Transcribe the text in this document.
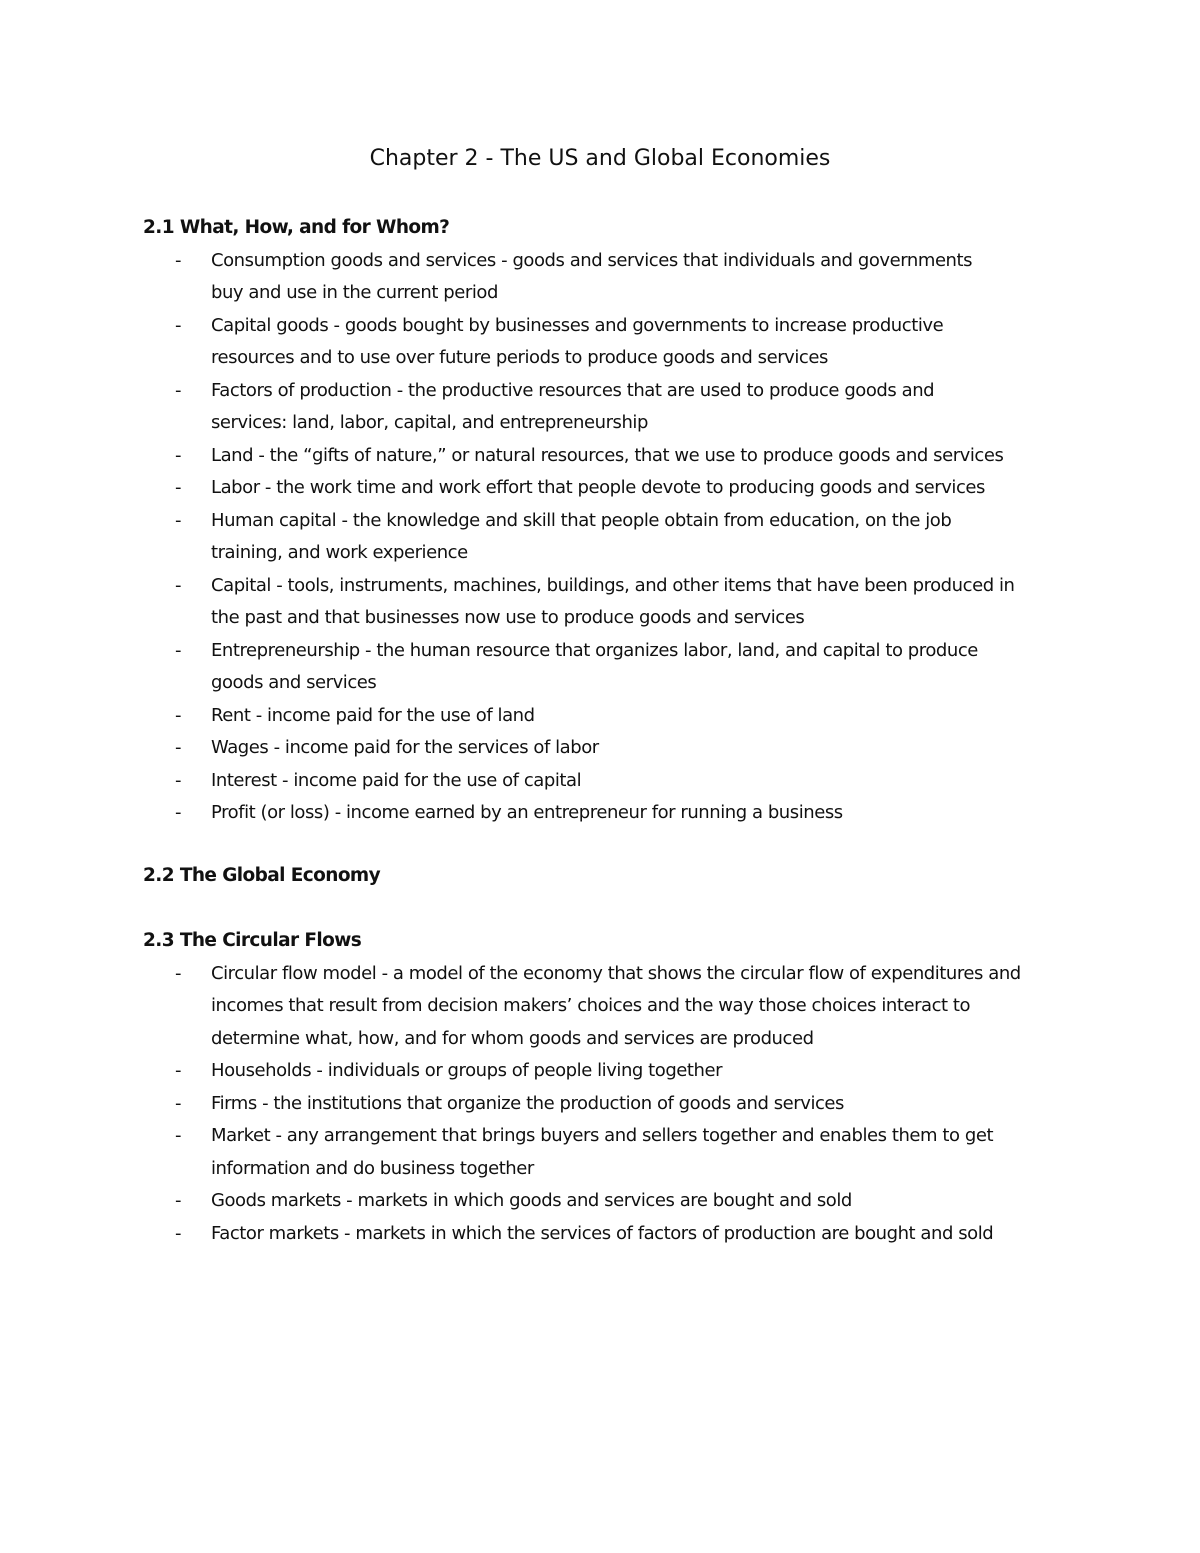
Chapter 2 - The US and Global Economies
2.1 What, How, and for Whom?
- Consumption goods and services - goods and services that individuals and governments
buy and use in the current period
- Capital goods - goods bought by businesses and governments to increase productive
resources and to use over future periods to produce goods and services
- Factors of production - the productive resources that are used to produce goods and
services: land, labor, capital, and entrepreneurship
- Land - the “gifts of nature,” or natural resources, that we use to produce goods and services
- Labor - the work time and work effort that people devote to producing goods and services
- Human capital - the knowledge and skill that people obtain from education, on the job
training, and work experience
- Capital - tools, instruments, machines, buildings, and other items that have been produced in
the past and that businesses now use to produce goods and services
- Entrepreneurship - the human resource that organizes labor, land, and capital to produce
goods and services
- Rent - income paid for the use of land
- Wages - income paid for the services of labor
- Interest - income paid for the use of capital
- Profit (or loss) - income earned by an entrepreneur for running a business
2.2 The Global Economy
2.3 The Circular Flows
- Circular flow model - a model of the economy that shows the circular flow of expenditures and
incomes that result from decision makers’ choices and the way those choices interact to
determine what, how, and for whom goods and services are produced
- Households - individuals or groups of people living together
- Firms - the institutions that organize the production of goods and services
- Market - any arrangement that brings buyers and sellers together and enables them to get
information and do business together
- Goods markets - markets in which goods and services are bought and sold
- Factor markets - markets in which the services of factors of production are bought and sold
